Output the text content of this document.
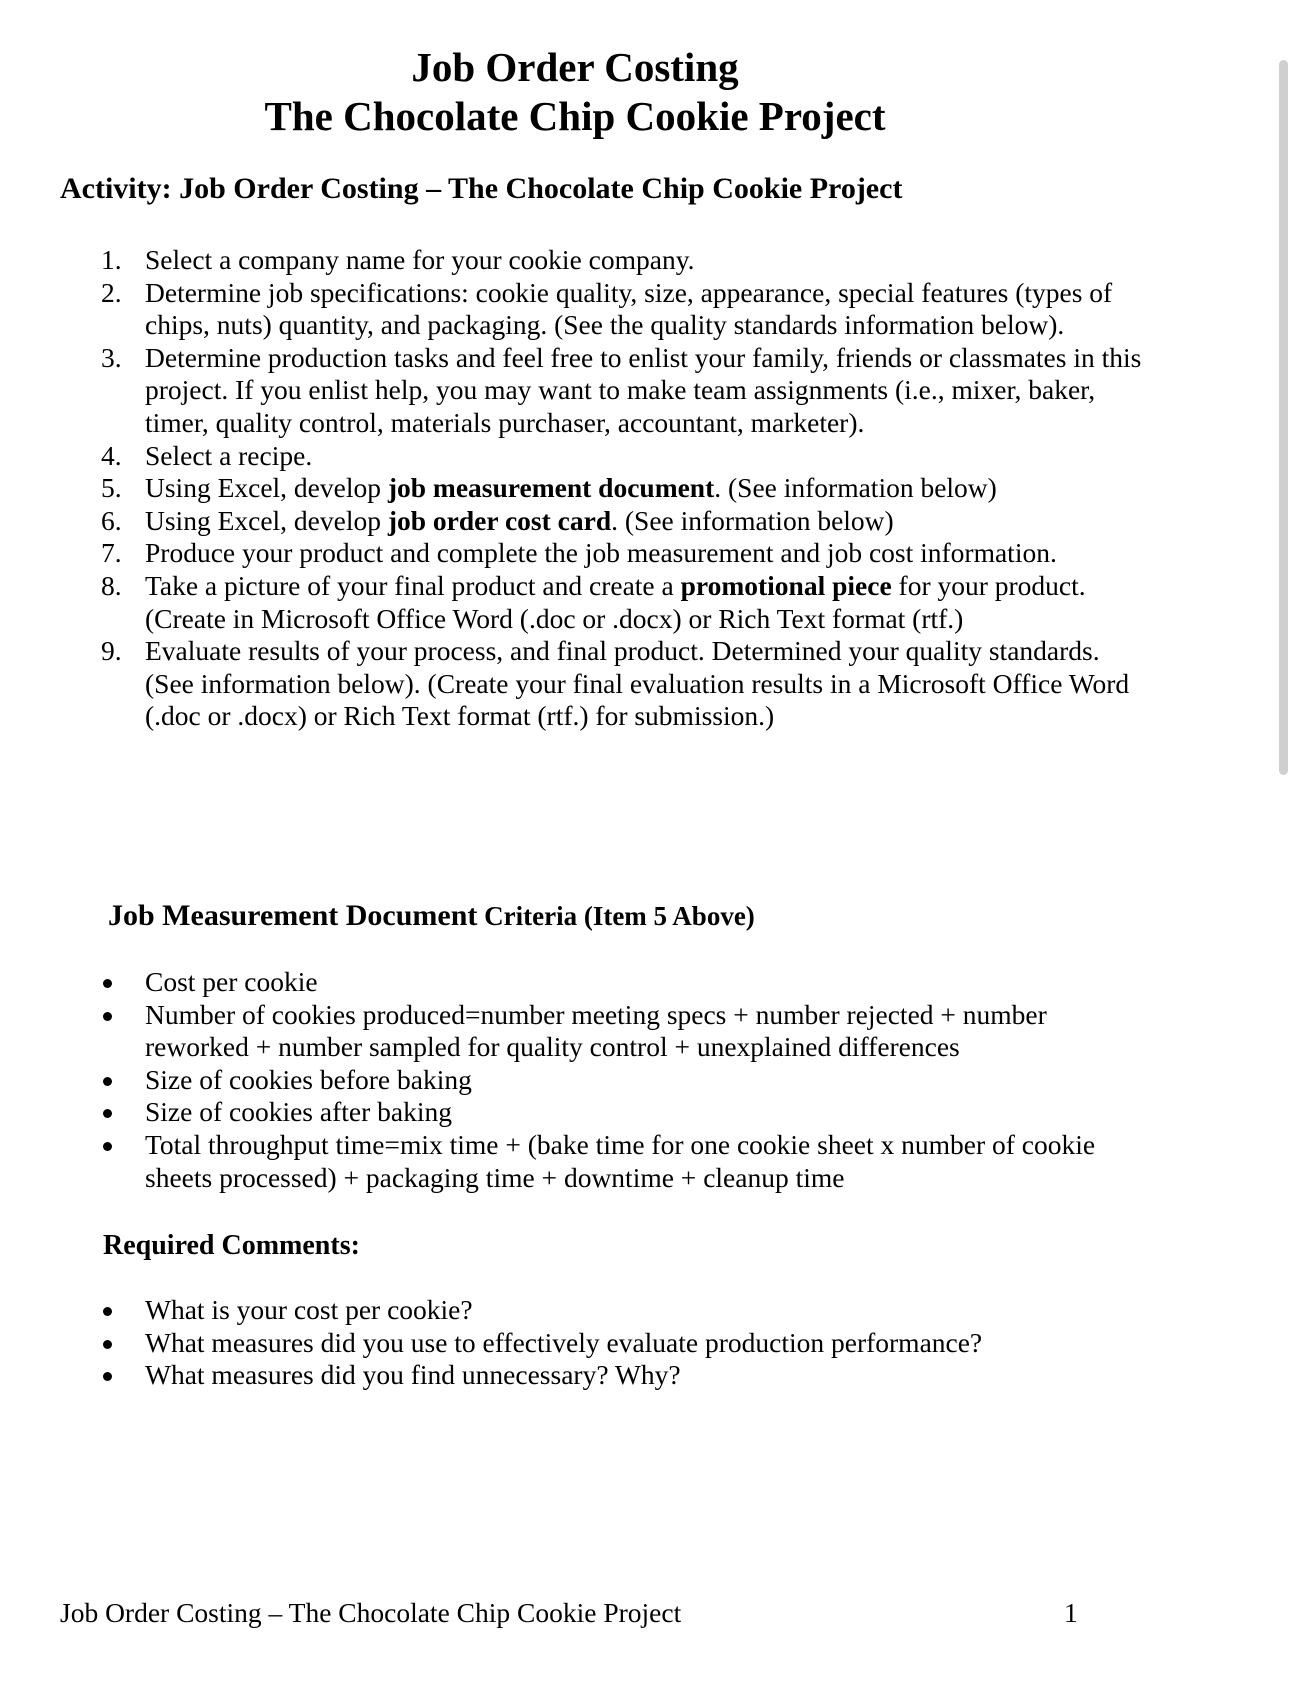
Job Order Costing
The Chocolate Chip Cookie Project
Activity: Job Order Costing – The Chocolate Chip Cookie Project
1. Select a company name for your cookie company.
2. Determine job specifications: cookie quality, size, appearance, special features (types of chips, nuts) quantity, and packaging. (See the quality standards information below).
3. Determine production tasks and feel free to enlist your family, friends or classmates in this project. If you enlist help, you may want to make team assignments (i.e., mixer, baker, timer, quality control, materials purchaser, accountant, marketer).
4. Select a recipe.
5. Using Excel, develop job measurement document. (See information below)
6. Using Excel, develop job order cost card. (See information below)
7. Produce your product and complete the job measurement and job cost information.
8. Take a picture of your final product and create a promotional piece for your product. (Create in Microsoft Office Word (.doc or .docx) or Rich Text format (rtf.)
9. Evaluate results of your process, and final product. Determined your quality standards. (See information below). (Create your final evaluation results in a Microsoft Office Word (.doc or .docx) or Rich Text format (rtf.) for submission.)
Job Measurement Document Criteria (Item 5 Above)
Cost per cookie
Number of cookies produced=number meeting specs + number rejected + number reworked + number sampled for quality control + unexplained differences
Size of cookies before baking
Size of cookies after baking
Total throughput time=mix time + (bake time for one cookie sheet x number of cookie sheets processed) + packaging time + downtime + cleanup time
Required Comments:
What is your cost per cookie?
What measures did you use to effectively evaluate production performance?
What measures did you find unnecessary? Why?
Job Order Costing – The Chocolate Chip Cookie Project	1
